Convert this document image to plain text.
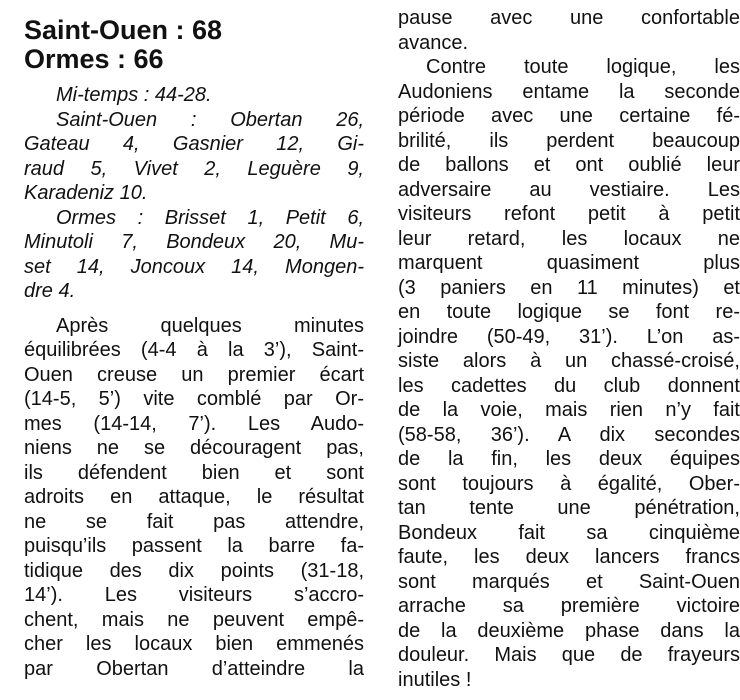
Saint-Ouen : 68
Ormes : 66
Mi-temps : 44-28.
Saint-Ouen : Obertan 26,
Gateau 4, Gasnier 12, Gi-
raud 5, Vivet 2, Leguère 9,
Karadeniz 10.
Ormes : Brisset 1, Petit 6,
Minutoli 7, Bondeux 20, Mu-
set 14, Joncoux 14, Mongen-
dre 4.
Après quelques minutes
équilibrées (4-4 à la 3’), Saint-
Ouen creuse un premier écart
(14-5, 5’) vite comblé par Or-
mes (14-14, 7’). Les Audo-
niens ne se découragent pas,
ils défendent bien et sont
adroits en attaque, le résultat
ne se fait pas attendre,
puisqu’ils passent la barre fa-
tidique des dix points (31-18,
14’). Les visiteurs s’accro-
chent, mais ne peuvent empê-
cher les locaux bien emmenés
par Obertan d’atteindre la
pause avec une confortable
avance.
Contre toute logique, les
Audoniens entame la seconde
période avec une certaine fé-
brilité, ils perdent beaucoup
de ballons et ont oublié leur
adversaire au vestiaire. Les
visiteurs refont petit à petit
leur retard, les locaux ne
marquent quasiment plus
(3 paniers en 11 minutes) et
en toute logique se font re-
joindre (50-49, 31’). L’on as-
siste alors à un chassé-croisé,
les cadettes du club donnent
de la voie, mais rien n’y fait
(58-58, 36’). A dix secondes
de la fin, les deux équipes
sont toujours à égalité, Ober-
tan tente une pénétration,
Bondeux fait sa cinquième
faute, les deux lancers francs
sont marqués et Saint-Ouen
arrache sa première victoire
de la deuxième phase dans la
douleur. Mais que de frayeurs
inutiles !
